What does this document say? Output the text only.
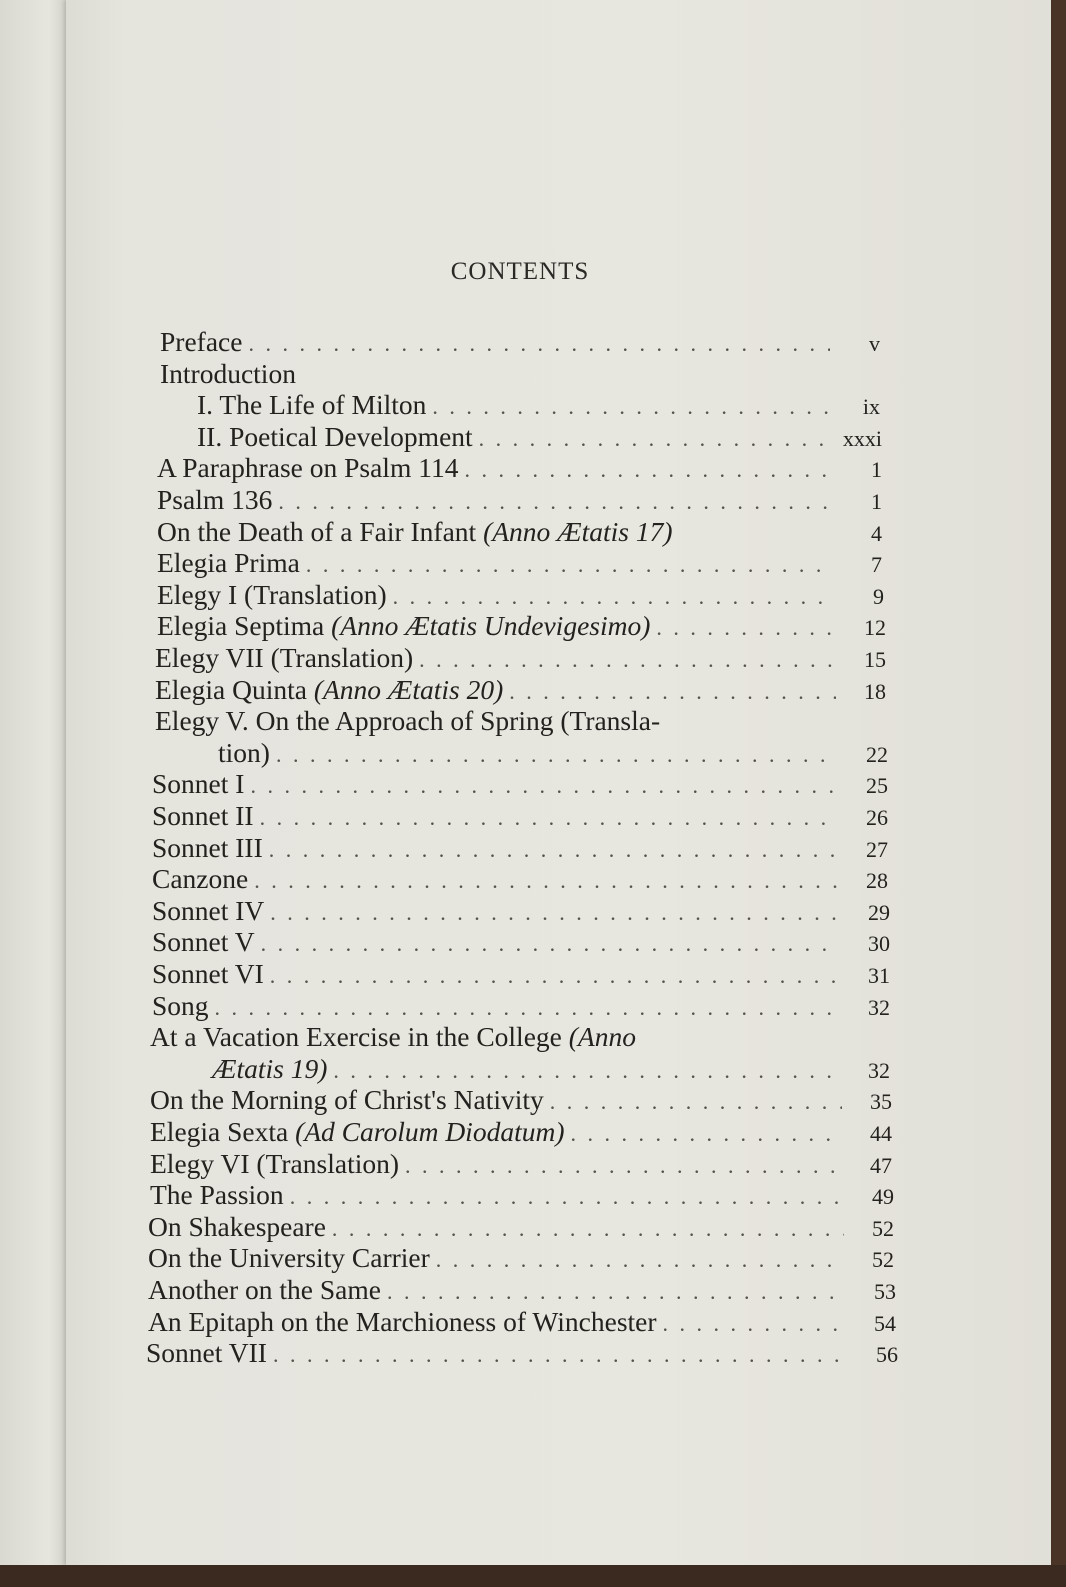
CONTENTS
Preface . . .	v
Introduction
I. The Life of Milton . . .	ix
II. Poetical Development . . .	xxxi
A Paraphrase on Psalm 114 . . .	1
Psalm 136 . . .	1
On the Death of a Fair Infant (Anno Ætatis 17)	4
Elegia Prima . . .	7
Elegy I (Translation) . . .	9
Elegia Septima (Anno Ætatis Undevigesimo) . . .	12
Elegy VII (Translation) . . .	15
Elegia Quinta (Anno Ætatis 20) . . .	18
Elegy V. On the Approach of Spring (Transla-
tion) . . .	22
Sonnet I . . .	25
Sonnet II . . .	26
Sonnet III . . .	27
Canzone . . .	28
Sonnet IV . . .	29
Sonnet V . . .	30
Sonnet VI . . .	31
Song . . .	32
At a Vacation Exercise in the College (Anno
Ætatis 19) . . .	32
On the Morning of Christ's Nativity . . .	35
Elegia Sexta (Ad Carolum Diodatum) . . .	44
Elegy VI (Translation) . . .	47
The Passion . . .	49
On Shakespeare . . .	52
On the University Carrier . . .	52
Another on the Same . . .	53
An Epitaph on the Marchioness of Winchester . . .	54
Sonnet VII . . .	56
